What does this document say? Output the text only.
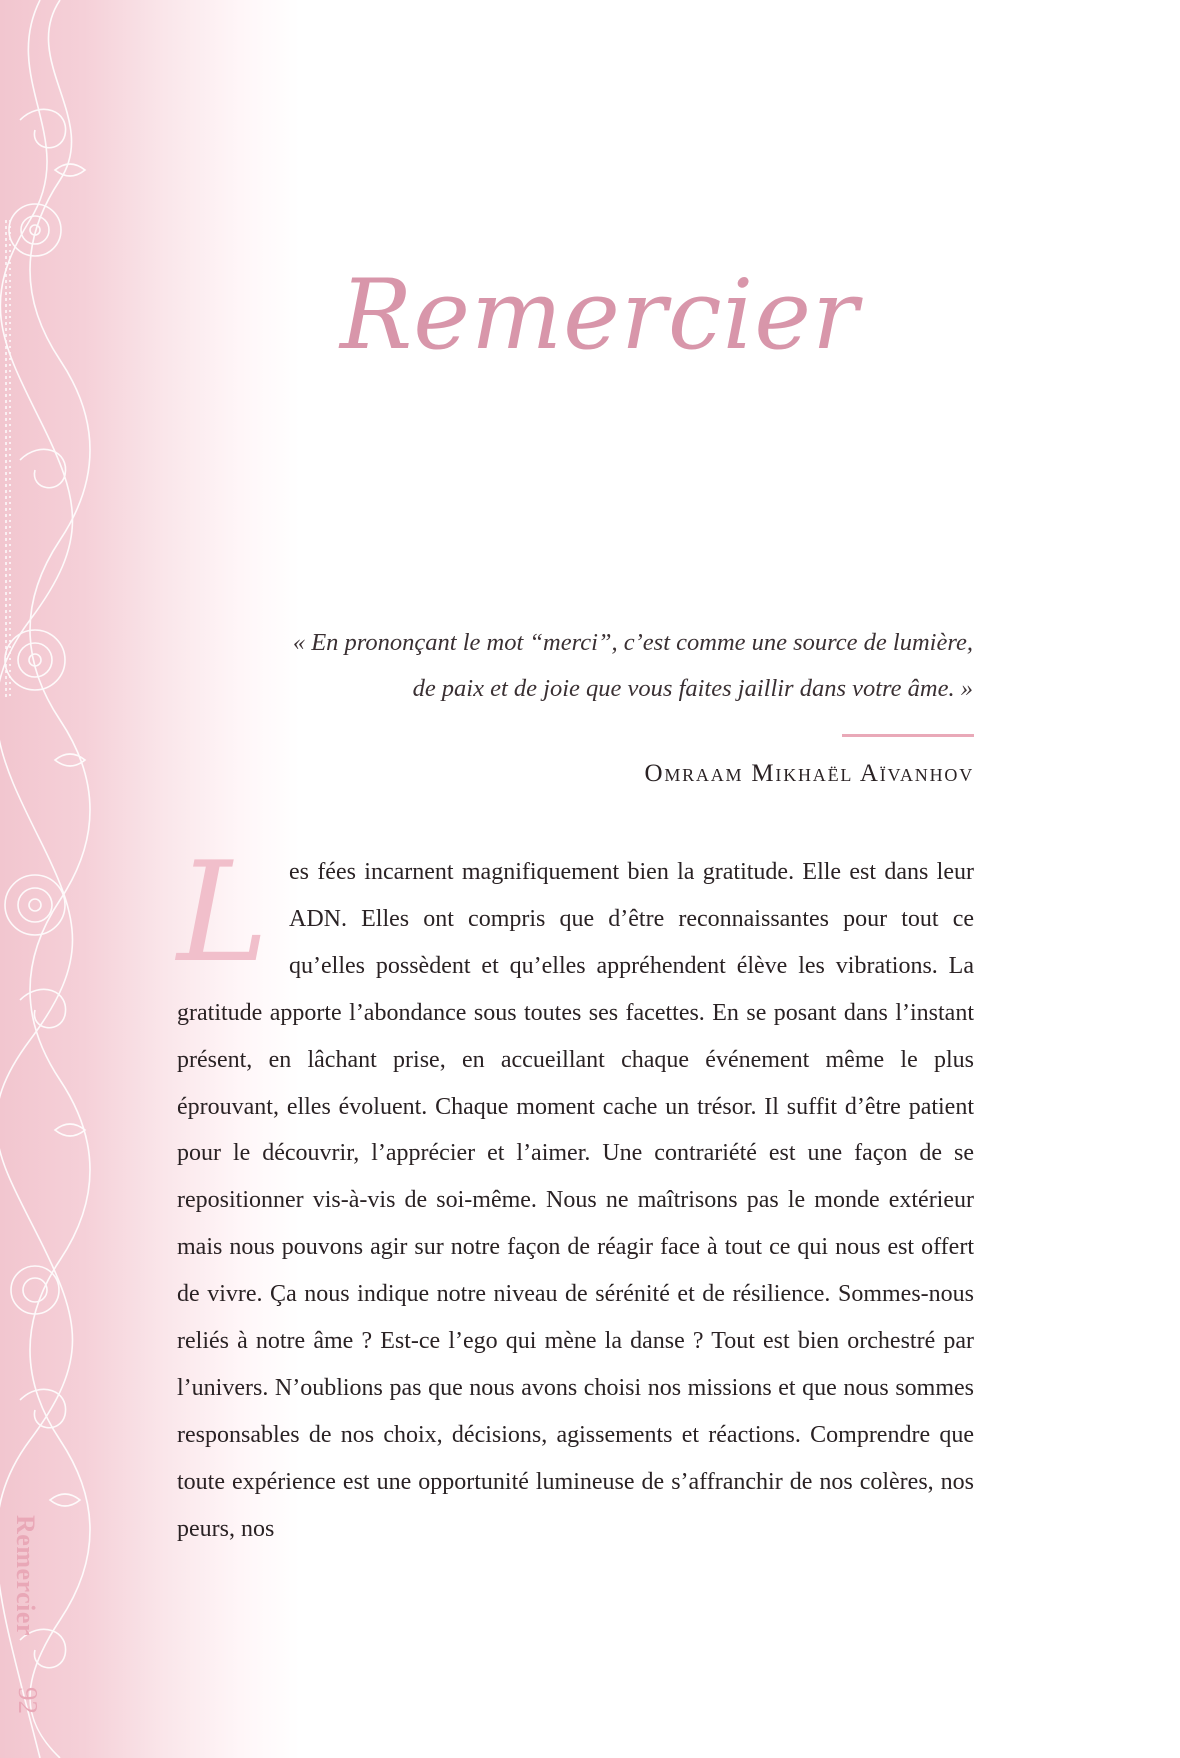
Remercier
92
Remercier

« En prononçant le mot “merci”, c’est comme une source de lumière,

de paix et de joie que vous faites jaillir dans votre âme. »

Omraam Mikhaël Aïvanhov
L es fées incarnent magnifiquement bien la gratitude. Elle est dans leur ADN. Elles ont compris que d’être reconnaissantes pour tout ce qu’elles possèdent et qu’elles appréhendent élève les vibrations. La gratitude apporte l’abondance sous toutes ses facettes. En se posant dans l’instant présent, en lâchant prise, en accueillant chaque événement même le plus éprouvant, elles évoluent. Chaque moment cache un trésor. Il suffit d’être patient pour le découvrir, l’apprécier et l’aimer. Une contrariété est une façon de se repositionner vis-à-vis de soi-même. Nous ne maîtrisons pas le monde extérieur mais nous pouvons agir sur notre façon de réagir face à tout ce qui nous est offert de vivre. Ça nous indique notre niveau de sérénité et de résilience. Sommes-nous reliés à notre âme ? Est-ce l’ego qui mène la danse ? Tout est bien orchestré par l’univers. N’oublions pas que nous avons choisi nos missions et que nous sommes responsables de nos choix, décisions, agissements et réactions. Comprendre que toute expérience est une opportunité lumineuse de s’affranchir de nos colères, nos peurs, nos
